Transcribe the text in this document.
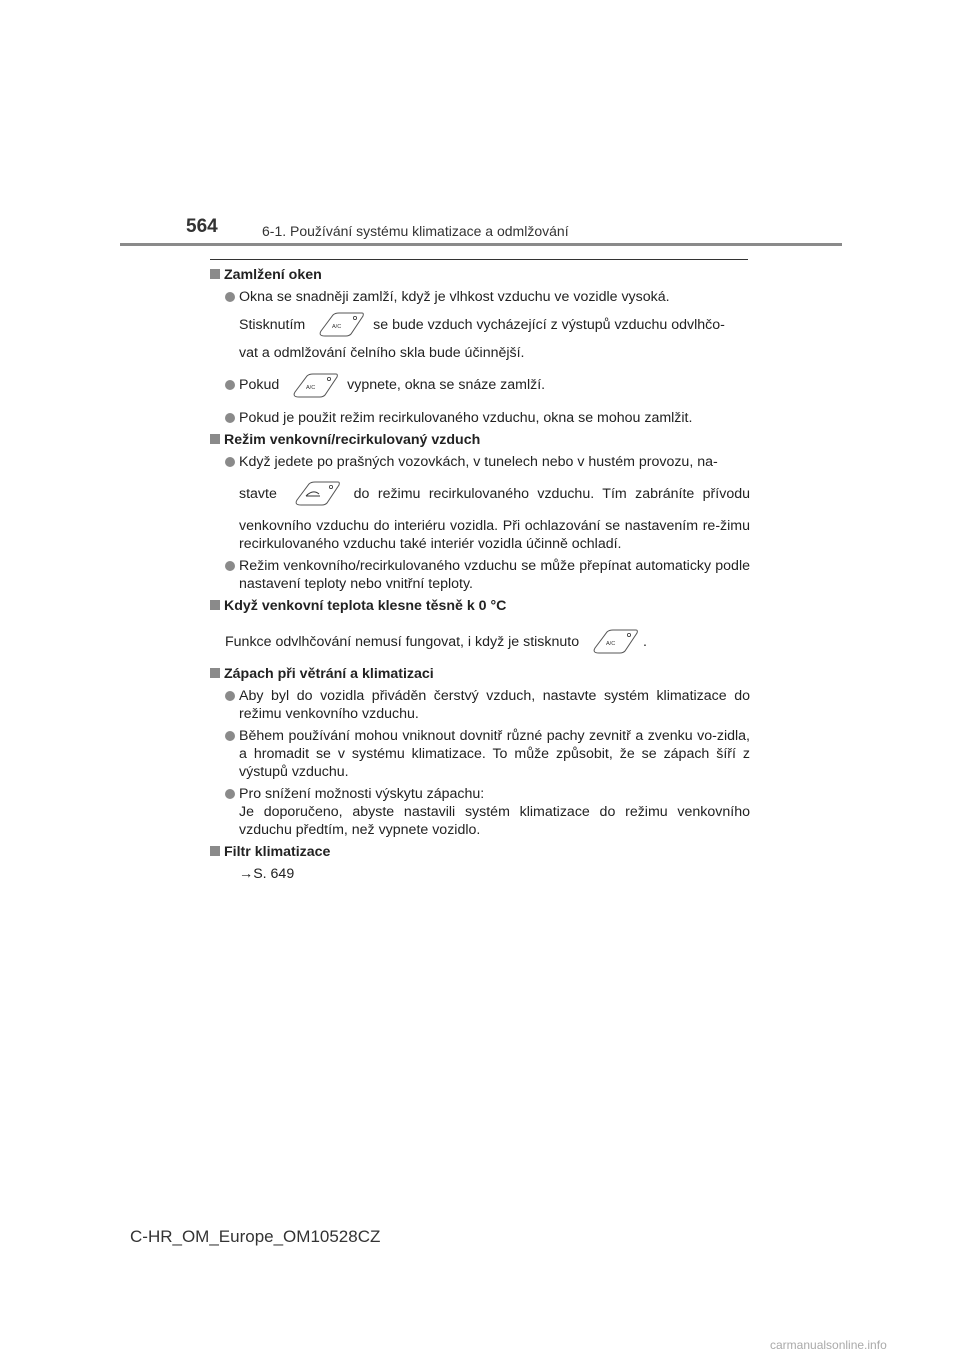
564	6-1. Používání systému klimatizace a odmlžování
Zamlžení oken
Okna se snadněji zamlží, když je vlhkost vzduchu ve vozidle vysoká.
Stisknutím	A/C se bude vzduch vycházející z výstupů vzduchu odvlhčo-
vat a odmlžování čelního skla bude účinnější.
Pokud	A/C vypnete, okna se snáze zamlží.
Pokud je použit režim recirkulovaného vzduchu, okna se mohou zamlžit.
Režim venkovní/recirkulovaný vzduch
Když jedete po prašných vozovkách, v tunelech nebo v hustém provozu, na-
stavte	do režimu recirkulovaného vzduchu. Tím zabráníte přívodu
venkovního vzduchu do interiéru vozidla. Při ochlazování se nastavením re-žimu recirkulovaného vzduchu také interiér vozidla účinně ochladí.
Režim venkovního/recirkulovaného vzduchu se může přepínat automaticky podle nastavení teploty nebo vnitřní teploty.
Když venkovní teplota klesne těsně k 0 °C
Funkce odvlhčování nemusí fungovat, i když je stisknuto	A/C .
Zápach při větrání a klimatizaci
Aby byl do vozidla přiváděn čerstvý vzduch, nastavte systém klimatizace do režimu venkovního vzduchu.
Během používání mohou vniknout dovnitř různé pachy zevnitř a zvenku vo-zidla, a hromadit se v systému klimatizace. To může způsobit, že se zápach šíří z výstupů vzduchu.
Pro snížení možnosti výskytu zápachu:
Je doporučeno, abyste nastavili systém klimatizace do režimu venkovního vzduchu předtím, než vypnete vozidlo.
Filtr klimatizace
→S. 649
C-HR_OM_Europe_OM10528CZ
carmanualsonline.info
